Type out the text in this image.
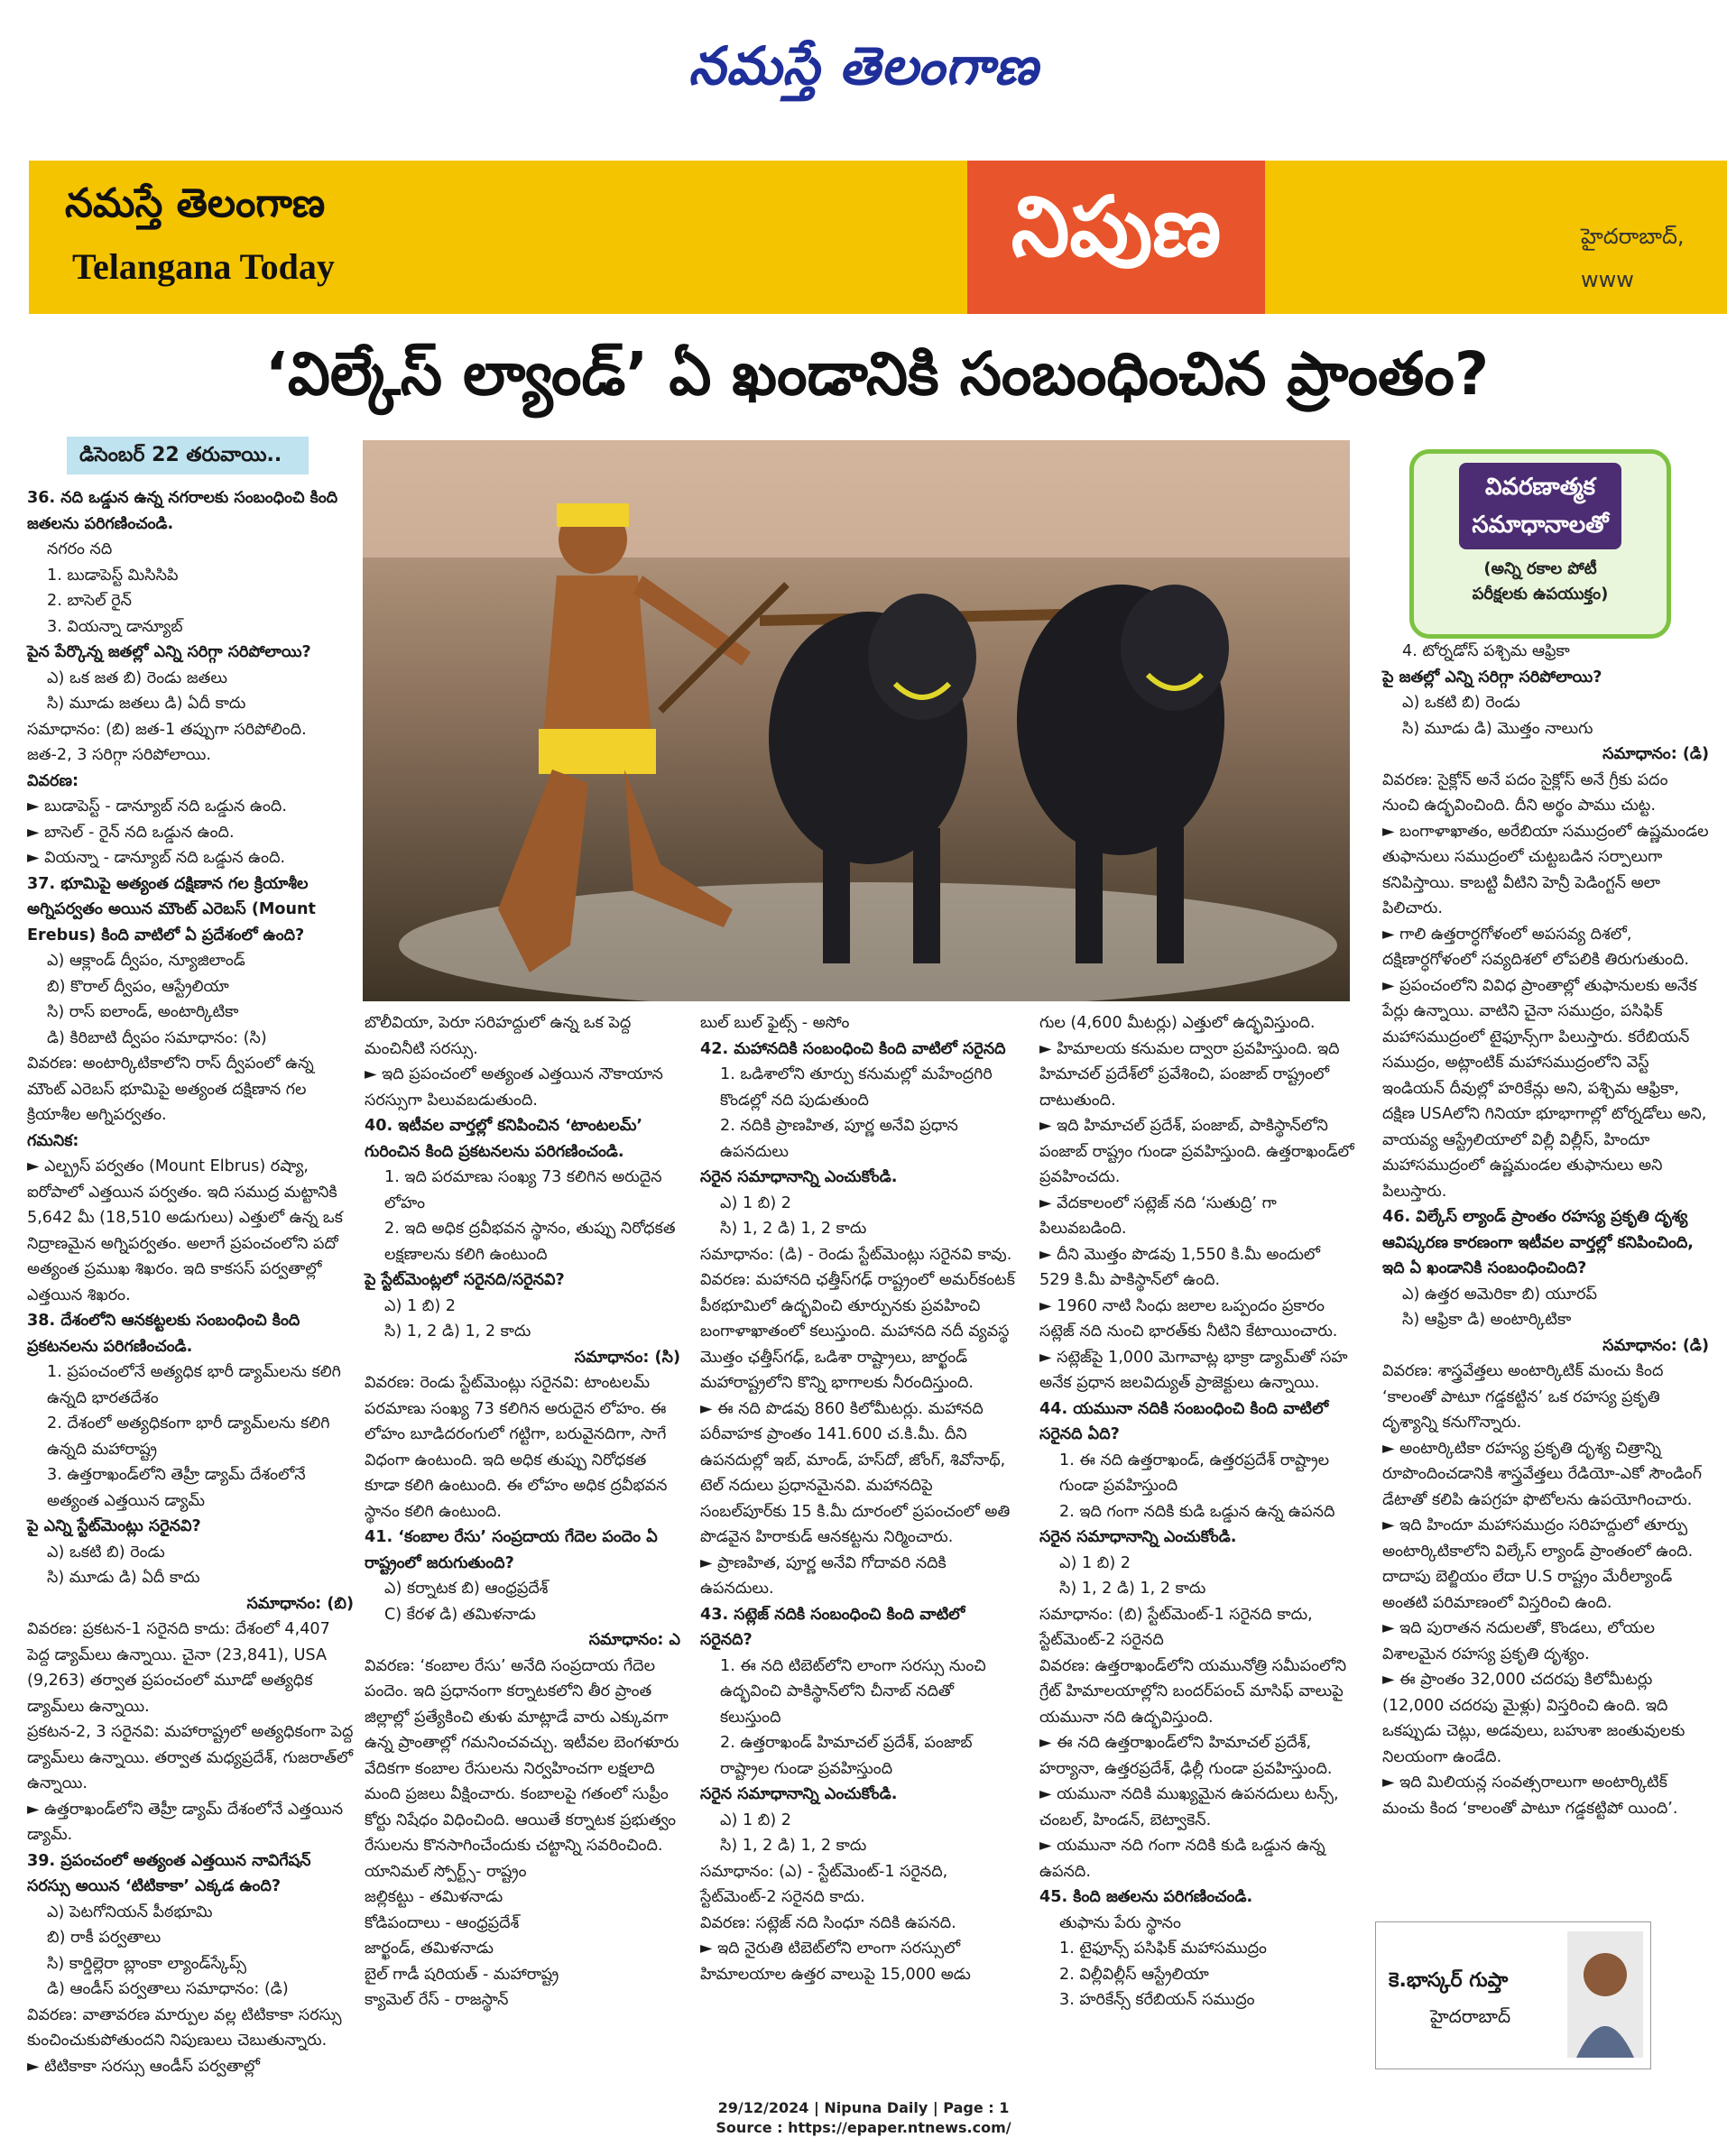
నమస్తే తెలంగాణ
నమస్తే తెలంగాణ
Telangana Today	నిపుణ	హైదరాబాద్,
www
‘విల్కేస్ ల్యాండ్’ ఏ ఖండానికి సంబంధించిన ప్రాంతం?
డిసెంబర్ 22 తరువాయి..
వివరణాత్మక
సమాధానాలతో
(అన్ని రకాల పోటీ
పరీక్షలకు ఉపయుక్తం)

36. నది ఒడ్డున ఉన్న నగరాలకు సంబంధించి కింది జతలను పరిగణించండి.

నగరం నది

1. బుడాపెస్ట్ మిసిసిపి

2. బాసెల్ రైన్

3. వియన్నా డాన్యూబ్

పైన పేర్కొన్న జతల్లో ఎన్ని సరిగ్గా సరిపోలాయి?

ఎ) ఒక జత బి) రెండు జతలు

సి) మూడు జతలు డి) ఏదీ కాదు

సమాధానం: (బి) జత-1 తప్పుగా సరిపోలింది. జత-2, 3 సరిగ్గా సరిపోలాయి.

వివరణ:

► బుడాపెస్ట్ - డాన్యూబ్ నది ఒడ్డున ఉంది.

► బాసెల్ - రైన్ నది ఒడ్డున ఉంది.

► వియన్నా - డాన్యూబ్ నది ఒడ్డున ఉంది.

37. భూమిపై అత్యంత దక్షిణాన గల క్రియాశీల అగ్నిపర్వతం అయిన మౌంట్ ఎరెబస్ (Mount Erebus) కింది వాటిలో ఏ ప్రదేశంలో ఉంది?

ఎ) ఆక్లాండ్ ద్వీపం, న్యూజిలాండ్

బి) కొరాల్ ద్వీపం, ఆస్ట్రేలియా

సి) రాస్ ఐలాండ్, అంటార్కిటికా

డి) కిరిబాటి ద్వీపం సమాధానం: (సి)

వివరణ: అంటార్కిటికాలోని రాస్ ద్వీపంలో ఉన్న మౌంట్ ఎరెబస్ భూమిపై అత్యంత దక్షిణాన గల క్రియాశీల అగ్నిపర్వతం.

గమనిక:

► ఎల్బ్రస్ పర్వతం (Mount Elbrus) రష్యా, ఐరోపాలో ఎత్తయిన పర్వతం. ఇది సముద్ర మట్టానికి 5,642 మీ (18,510 అడుగులు) ఎత్తులో ఉన్న ఒక నిద్రాణమైన అగ్నిపర్వతం. అలాగే ప్రపంచంలోని పదో అత్యంత ప్రముఖ శిఖరం. ఇది కాకసస్ పర్వతాల్లో ఎత్తయిన శిఖరం.

38. దేశంలోని ఆనకట్టలకు సంబంధించి కింది ప్రకటనలను పరిగణించండి.

1. ప్రపంచంలోనే అత్యధిక భారీ డ్యామ్‌లను కలిగి ఉన్నది భారతదేశం

2. దేశంలో అత్యధికంగా భారీ డ్యామ్‌లను కలిగి ఉన్నది మహారాష్ట్ర

3. ఉత్తరాఖండ్‌లోని తెహ్రీ డ్యామ్ దేశంలోనే అత్యంత ఎత్తయిన డ్యామ్

పై ఎన్ని స్టేట్‌మెంట్లు సరైనవి?

ఎ) ఒకటి బి) రెండు

సి) మూడు డి) ఏదీ కాదు

సమాధానం: (బి)

వివరణ: ప్రకటన-1 సరైనది కాదు: దేశంలో 4,407 పెద్ద డ్యామ్‌లు ఉన్నాయి. చైనా (23,841), USA (9,263) తర్వాత ప్రపంచంలో మూడో అత్యధిక డ్యామ్‌లు ఉన్నాయి.

ప్రకటన-2, 3 సరైనవి: మహారాష్ట్రలో అత్యధికంగా పెద్ద డ్యామ్‌లు ఉన్నాయి. తర్వాత మధ్యప్రదేశ్, గుజరాత్‌లో ఉన్నాయి.

► ఉత్తరాఖండ్‌లోని తెహ్రీ డ్యామ్ దేశంలోనే ఎత్తయిన డ్యామ్.

39. ప్రపంచంలో అత్యంత ఎత్తయిన నావిగేషన్ సరస్సు అయిన ‘టిటికాకా’ ఎక్కడ ఉంది?

ఎ) పెటగోనియన్ పీఠభూమి

బి) రాకీ పర్వతాలు

సి) కార్డిల్లెరా బ్లాంకా ల్యాండ్‌స్కేప్స్

డి) ఆండీస్ పర్వతాలు సమాధానం: (డి)

వివరణ: వాతావరణ మార్పుల వల్ల టిటికాకా సరస్సు కుంచించుకుపోతుందని నిపుణులు చెబుతున్నారు.

► టిటికాకా సరస్సు ఆండీస్ పర్వతాల్లో

బొలీవియా, పెరూ సరిహద్దులో ఉన్న ఒక పెద్ద మంచినీటి సరస్సు.

► ఇది ప్రపంచంలో అత్యంత ఎత్తయిన నౌకాయాన సరస్సుగా పిలువబడుతుంది.

40. ఇటీవల వార్తల్లో కనిపించిన ‘టాంటలమ్’ గురించిన కింది ప్రకటనలను పరిగణించండి.

1. ఇది పరమాణు సంఖ్య 73 కలిగిన అరుదైన లోహం

2. ఇది అధిక ద్రవీభవన స్థానం, తుప్పు నిరోధకత లక్షణాలను కలిగి ఉంటుంది

పై స్టేట్‌మెంట్లలో సరైనది/సరైనవి?

ఎ) 1 బి) 2

సి) 1, 2 డి) 1, 2 కాదు

సమాధానం: (సి)

వివరణ: రెండు స్టేట్‌మెంట్లు సరైనవి: టాంటలమ్ పరమాణు సంఖ్య 73 కలిగిన అరుదైన లోహం. ఈ లోహం బూడిదరంగులో గట్టిగా, బరువైనదిగా, సాగే విధంగా ఉంటుంది. ఇది అధిక తుప్పు నిరోధకత కూడా కలిగి ఉంటుంది. ఈ లోహం అధిక ద్రవీభవన స్థానం కలిగి ఉంటుంది.

41. ‘కంబాల రేసు’ సంప్రదాయ గేదెల పందెం ఏ రాష్ట్రంలో జరుగుతుంది?

ఎ) కర్నాటక బి) ఆంధ్రప్రదేశ్

C) కేరళ డి) తమిళనాడు

సమాధానం: ఎ

వివరణ: ‘కంబాల రేసు’ అనేది సంప్రదాయ గేదెల పందెం. ఇది ప్రధానంగా కర్నాటకలోని తీర ప్రాంత జిల్లాల్లో ప్రత్యేకించి తుళు మాట్లాడే వారు ఎక్కువగా ఉన్న ప్రాంతాల్లో గమనించవచ్చు. ఇటీవల బెంగళూరు వేదికగా కంబాల రేసులను నిర్వహించగా లక్షలాది మంది ప్రజలు వీక్షించారు. కంబాలపై గతంలో సుప్రీం కోర్టు నిషేధం విధించింది. ఆయితే కర్నాటక ప్రభుత్వం రేసులను కొనసాగించేందుకు చట్టాన్ని సవరించింది.

యానిమల్ స్పోర్ట్స్- రాష్ట్రం

జల్లికట్టు - తమిళనాడు

కోడిపందాలు - ఆంధ్రప్రదేశ్

జార్ఖండ్, తమిళనాడు

బైల్ గాడీ షరియత్ - మహారాష్ట్ర

క్యామెల్ రేస్ - రాజస్థాన్

బుల్ బుల్ ఫైట్స్ - అసోం

42. మహానదికి సంబంధించి కింది వాటిలో సరైనది

1. ఒడిశాలోని తూర్పు కనుమల్లో మహేంద్రగిరి కొండల్లో నది పుడుతుంది

2. నదికి ప్రాణహిత, పూర్ణ అనేవి ప్రధాన ఉపనదులు

సరైన సమాధానాన్ని ఎంచుకోండి.

ఎ) 1 బి) 2

సి) 1, 2 డి) 1, 2 కాదు

సమాధానం: (డి) - రెండు స్టేట్‌మెంట్లు సరైనవి కావు.

వివరణ: మహానది ఛత్తీస్‌గఢ్ రాష్ట్రంలో అమర్‌కంటక్ పీఠభూమిలో ఉద్భవించి తూర్పునకు ప్రవహించి బంగాళాఖాతంలో కలుస్తుంది. మహానది నదీ వ్యవస్థ మొత్తం ఛత్తీస్‌గఢ్, ఒడిశా రాష్ట్రాలు, జార్ఖండ్ మహారాష్ట్రలోని కొన్ని భాగాలకు నీరందిస్తుంది.

► ఈ నది పొడవు 860 కిలోమీటర్లు. మహానది పరీవాహక ప్రాంతం 141.600 చ.కి.మీ. దీని ఉపనదుల్లో ఇబ్, మాండ్, హస్‌దో, జోంగ్, శివోనాథ్, టెల్ నదులు ప్రధానమైనవి. మహానదిపై సంబల్‌పూర్‌కు 15 కి.మీ దూరంలో ప్రపంచంలో అతి పొడవైన హిరాకుడ్ ఆనకట్టను నిర్మించారు.

► ప్రాణహిత, పూర్ణ అనేవి గోదావరి నదికి ఉపనదులు.

43. సట్లెజ్ నదికి సంబంధించి కింది వాటిలో సరైనది?

1. ఈ నది టిబెట్‌లోని లాంగా సరస్సు నుంచి ఉద్భవించి పాకిస్థాన్‌లోని చీనాబ్ నదితో కలుస్తుంది

2. ఉత్తరాఖండ్ హిమాచల్ ప్రదేశ్, పంజాబ్ రాష్ట్రాల గుండా ప్రవహిస్తుంది

సరైన సమాధానాన్ని ఎంచుకోండి.

ఎ) 1 బి) 2

సి) 1, 2 డి) 1, 2 కాదు

సమాధానం: (ఎ) - స్టేట్‌మెంట్-1 సరైనది, స్టేట్‌మెంట్-2 సరైనది కాదు.

వివరణ: సట్లెజ్ నది సింధూ నదికి ఉపనది.

► ఇది నైరుతి టిబెట్‌లోని లాంగా సరస్సులో హిమాలయాల ఉత్తర వాలుపై 15,000 అడు

గుల (4,600 మీటర్లు) ఎత్తులో ఉద్భవిస్తుంది.

► హిమాలయ కనుమల ద్వారా ప్రవహిస్తుంది. ఇది హిమాచల్ ప్రదేశ్‌లో ప్రవేశించి, పంజాబ్ రాష్ట్రంలో దాటుతుంది.

► ఇది హిమాచల్ ప్రదేశ్, పంజాబ్, పాకిస్థాన్‌లోని పంజాబ్ రాష్ట్రం గుండా ప్రవహిస్తుంది. ఉత్తరాఖండ్‌లో ప్రవహించదు.

► వేదకాలంలో సట్లెజ్ నది ‘సుతుద్రి’ గా పిలువబడింది.

► దీని మొత్తం పొడవు 1,550 కి.మీ అందులో 529 కి.మీ పాకిస్థాన్‌లో ఉంది.

► 1960 నాటి సింధు జలాల ఒప్పందం ప్రకారం సట్లెజ్ నది నుంచి భారత్‌కు నీటిని కేటాయించారు.

► సట్లెజ్‌పై 1,000 మెగావాట్ల భాక్రా డ్యామ్‌తో సహ అనేక ప్రధాన జలవిద్యుత్ ప్రాజెక్టులు ఉన్నాయి.

44. యమునా నదికి సంబంధించి కింది వాటిలో సరైనది ఏది?

1. ఈ నది ఉత్తరాఖండ్, ఉత్తరప్రదేశ్ రాష్ట్రాల గుండా ప్రవహిస్తుంది

2. ఇది గంగా నదికి కుడి ఒడ్డున ఉన్న ఉపనది

సరైన సమాధానాన్ని ఎంచుకోండి.

ఎ) 1 బి) 2

సి) 1, 2 డి) 1, 2 కాదు

సమాధానం: (బి) స్టేట్‌మెంట్-1 సరైనది కాదు, స్టేట్‌మెంట్-2 సరైనది

వివరణ: ఉత్తరాఖండ్‌లోని యమునోత్రి సమీపంలోని గ్రేట్ హిమాలయాల్లోని బందర్‌పంచ్ మాసిఫ్ వాలుపై యమునా నది ఉద్భవిస్తుంది.

► ఈ నది ఉత్తరాఖండ్‌లోని హిమాచల్ ప్రదేశ్, హర్యానా, ఉత్తరప్రదేశ్, ఢిల్లీ గుండా ప్రవహిస్తుంది.

► యమునా నదికి ముఖ్యమైన ఉపనదులు టన్స్, చంబల్, హిండన్, బెట్వాకెన్.

► యమునా నది గంగా నదికి కుడి ఒడ్డున ఉన్న ఉపనది.

45. కింది జతలను పరిగణించండి.

తుఫాను పేరు స్థానం

1. టైఫూన్స్ పసిఫిక్ మహాసముద్రం

2. విల్లీవిల్లీస్ ఆస్ట్రేలియా

3. హరికేన్స్ కరేబియన్ సముద్రం

4. టోర్నడోస్ పశ్చిమ ఆఫ్రికా

పై జతల్లో ఎన్ని సరిగ్గా సరిపోలాయి?

ఎ) ఒకటి బి) రెండు

సి) మూడు డి) మొత్తం నాలుగు

సమాధానం: (డి)

వివరణ: సైక్లోన్ అనే పదం సైక్లోస్ అనే గ్రీకు పదం నుంచి ఉద్భవించింది. దీని అర్థం పాము చుట్ట.

► బంగాళాఖాతం, అరేబియా సముద్రంలో ఉష్ణమండల తుఫానులు సముద్రంలో చుట్టబడిన సర్పాలుగా కనిపిస్తాయి. కాబట్టి వీటిని హెన్రీ పెడింగ్టన్ అలా పిలిచారు.

► గాలి ఉత్తరార్ధగోళంలో అపసవ్య దిశలో, దక్షిణార్ధగోళంలో సవ్యదిశలో లోపలికి తిరుగుతుంది.

► ప్రపంచంలోని వివిధ ప్రాంతాల్లో తుఫానులకు అనేక పేర్లు ఉన్నాయి. వాటిని చైనా సముద్రం, పసిఫిక్ మహాసముద్రంలో టైఫూన్స్‌గా పిలుస్తారు. కరేబియన్ సముద్రం, అట్లాంటిక్ మహాసముద్రంలోని వెస్ట్ ఇండియన్ దీవుల్లో హరికేన్లు అని, పశ్చిమ ఆఫ్రికా, దక్షిణ USAలోని గినియా భూభాగాల్లో టోర్నడోలు అని, వాయవ్య ఆస్ట్రేలియాలో విల్లీ విల్లీస్, హిందూ మహాసముద్రంలో ఉష్ణమండల తుఫానులు అని పిలుస్తారు.

46. విల్కేస్ ల్యాండ్ ప్రాంతం రహస్య ప్రకృతి దృశ్య ఆవిష్కరణ కారణంగా ఇటీవల వార్తల్లో కనిపించింది, ఇది ఏ ఖండానికి సంబంధించింది?

ఎ) ఉత్తర అమెరికా బి) యూరప్

సి) ఆఫ్రికా డి) అంటార్కిటికా

సమాధానం: (డి)

వివరణ: శాస్త్రవేత్తలు అంటార్కిటిక్ మంచు కింద ‘కాలంతో పాటూ గడ్డకట్టిన’ ఒక రహస్య ప్రకృతి దృశ్యాన్ని కనుగొన్నారు.

► అంటార్కిటికా రహస్య ప్రకృతి దృశ్య చిత్రాన్ని రూపొందించడానికి శాస్త్రవేత్తలు రేడియో-ఎకో సౌండింగ్ డేటాతో కలిపి ఉపగ్రహ ఫొటోలను ఉపయోగించారు.

► ఇది హిందూ మహాసముద్రం సరిహద్దులో తూర్పు అంటార్కిటికాలోని విల్కేస్ ల్యాండ్ ప్రాంతంలో ఉంది. దాదాపు బెల్జియం లేదా U.S రాష్ట్రం మేరీల్యాండ్ అంతటి పరిమాణంలో విస్తరించి ఉంది.

► ఇది పురాతన నదులతో, కొండలు, లోయల విశాలమైన రహస్య ప్రకృతి దృశ్యం.

► ఈ ప్రాంతం 32,000 చదరపు కిలోమీటర్లు (12,000 చదరపు మైళ్లు) విస్తరించి ఉంది. ఇది ఒకప్పుడు చెట్లు, అడవులు, బహుశా జంతువులకు నిలయంగా ఉండేది.

► ఇది మిలియన్ల సంవత్సరాలుగా అంటార్కిటిక్ మంచు కింద ‘కాలంతో పాటూ గడ్డకట్టిపో యింది’.

కె.భాస్కర్ గుప్తా
హైదరాబాద్
29/12/2024 | Nipuna Daily | Page : 1
Source : https://epaper.ntnews.com/
